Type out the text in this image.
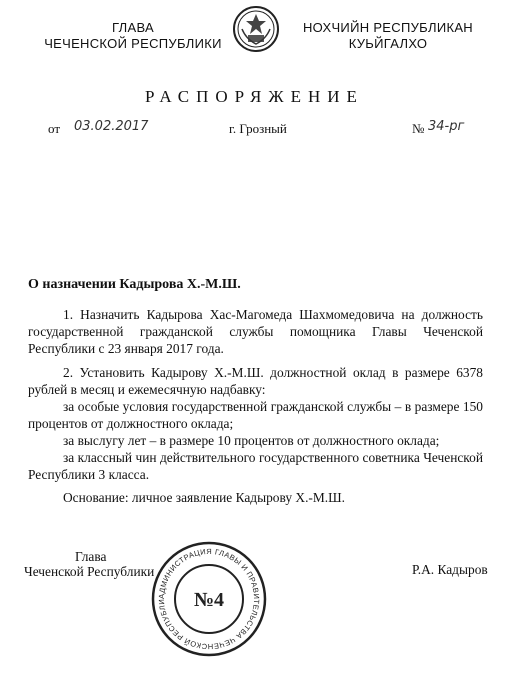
ГЛАВА
ЧЕЧЕНСКОЙ РЕСПУБЛИКИ
НОХЧИЙН РЕСПУБЛИКАН
КУЬЙГАЛХО
РАСПОРЯЖЕНИЕ
от 03.02.2017	г. Грозный	№ 34-рг
О назначении Кадырова Х.-М.Ш.
1. Назначить Кадырова Хас-Магомеда Шахмомедовича на должность государственной гражданской службы помощника Главы Чеченской Республики с 23 января 2017 года.
2. Установить Кадырову Х.-М.Ш. должностной оклад в размере 6378 рублей в месяц и ежемесячную надбавку:
за особые условия государственной гражданской службы – в размере 150 процентов от должностного оклада;
за выслугу лет – в размере 10 процентов от должностного оклада;
за классный чин действительного государственного советника Чеченской Республики 3 класса.
Основание: личное заявление Кадырову Х.-М.Ш.
Глава
Чеченской Республики	Р.А. Кадыров
АДМИНИСТРАЦИЯ ГЛАВЫ И ПРАВИТЕЛЬСТВА ЧЕЧЕНСКОЙ РЕСПУБЛИ	№4
